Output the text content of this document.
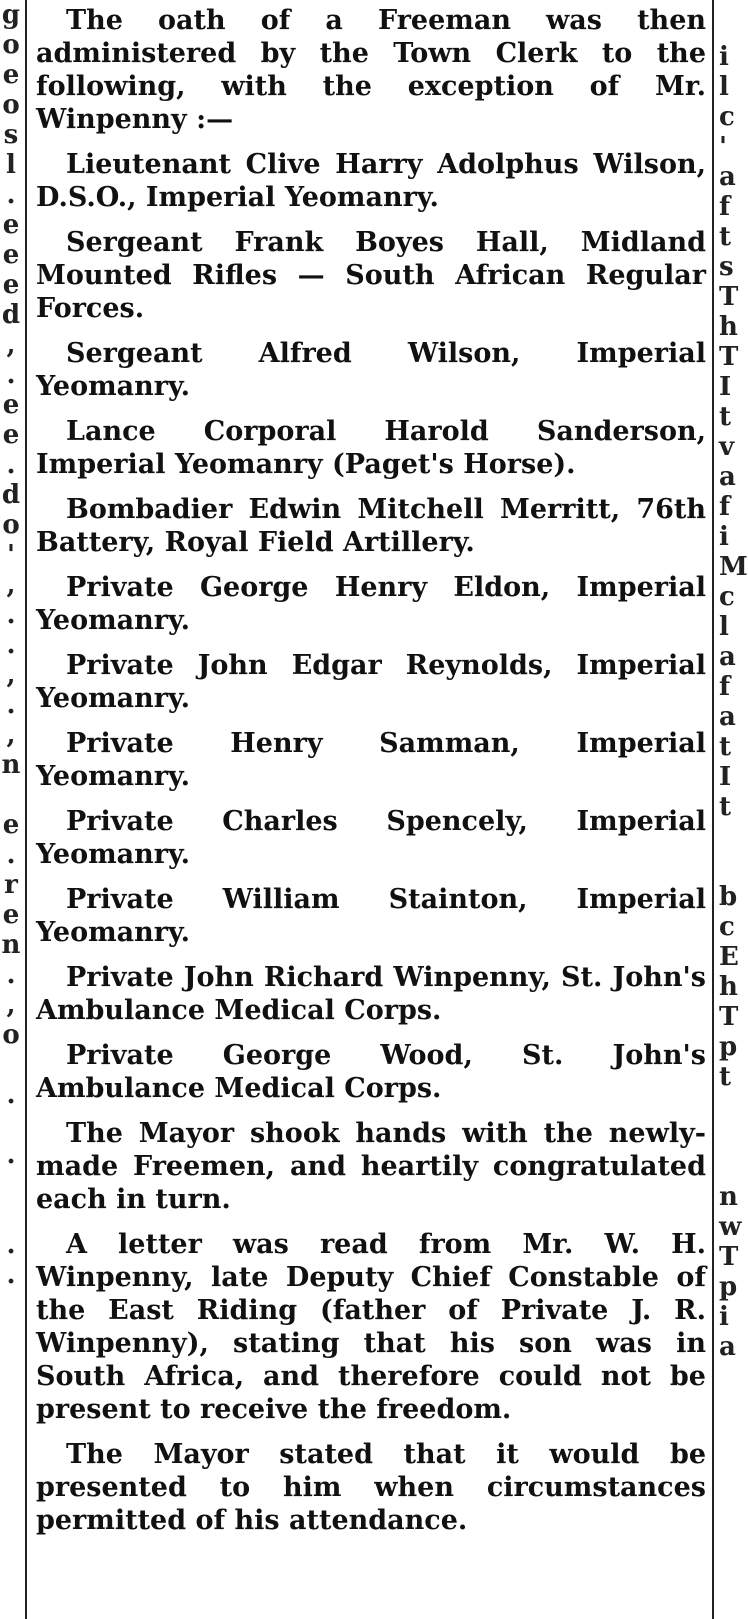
g
o
e
o
s
l
.
e
e
e
d
,
.
e
e
.
d
o
'
,
.
.
,
.
,
n
e
.
r
e
n
.
,
o
.
.
.
.
i
l
c
'
a
f
t
s
T
h
T
I
t
v
a
f
i
M
c
l
a
f
a
t
I
t
b
c
E
h
T
p
t
n
w
T
p
i
a

The oath of a Freeman was then administered by the Town Clerk to the following, with the exception of Mr. Winpenny :—

Lieutenant Clive Harry Adolphus Wilson, D.S.O., Imperial Yeomanry.

Sergeant Frank Boyes Hall, Midland Mounted Rifles — South African Regular Forces.

Sergeant Alfred Wilson, Imperial Yeomanry.

Lance Corporal Harold Sanderson, Imperial Yeomanry (Paget's Horse).

Bombadier Edwin Mitchell Merritt, 76th Battery, Royal Field Artillery.

Private George Henry Eldon, Imperial Yeomanry.

Private John Edgar Reynolds, Imperial Yeomanry.

Private Henry Samman, Imperial Yeomanry.

Private Charles Spencely, Imperial Yeomanry.

Private William Stainton, Imperial Yeomanry.

Private John Richard Winpenny, St. John's Ambulance Medical Corps.

Private George Wood, St. John's Ambulance Medical Corps.

The Mayor shook hands with the newly-made Freemen, and heartily congratulated each in turn.

A letter was read from Mr. W. H. Winpenny, late Deputy Chief Constable of the East Riding (father of Private J. R. Winpenny), stating that his son was in South Africa, and therefore could not be present to receive the freedom.

The Mayor stated that it would be presented to him when circumstances permitted of his attendance.
